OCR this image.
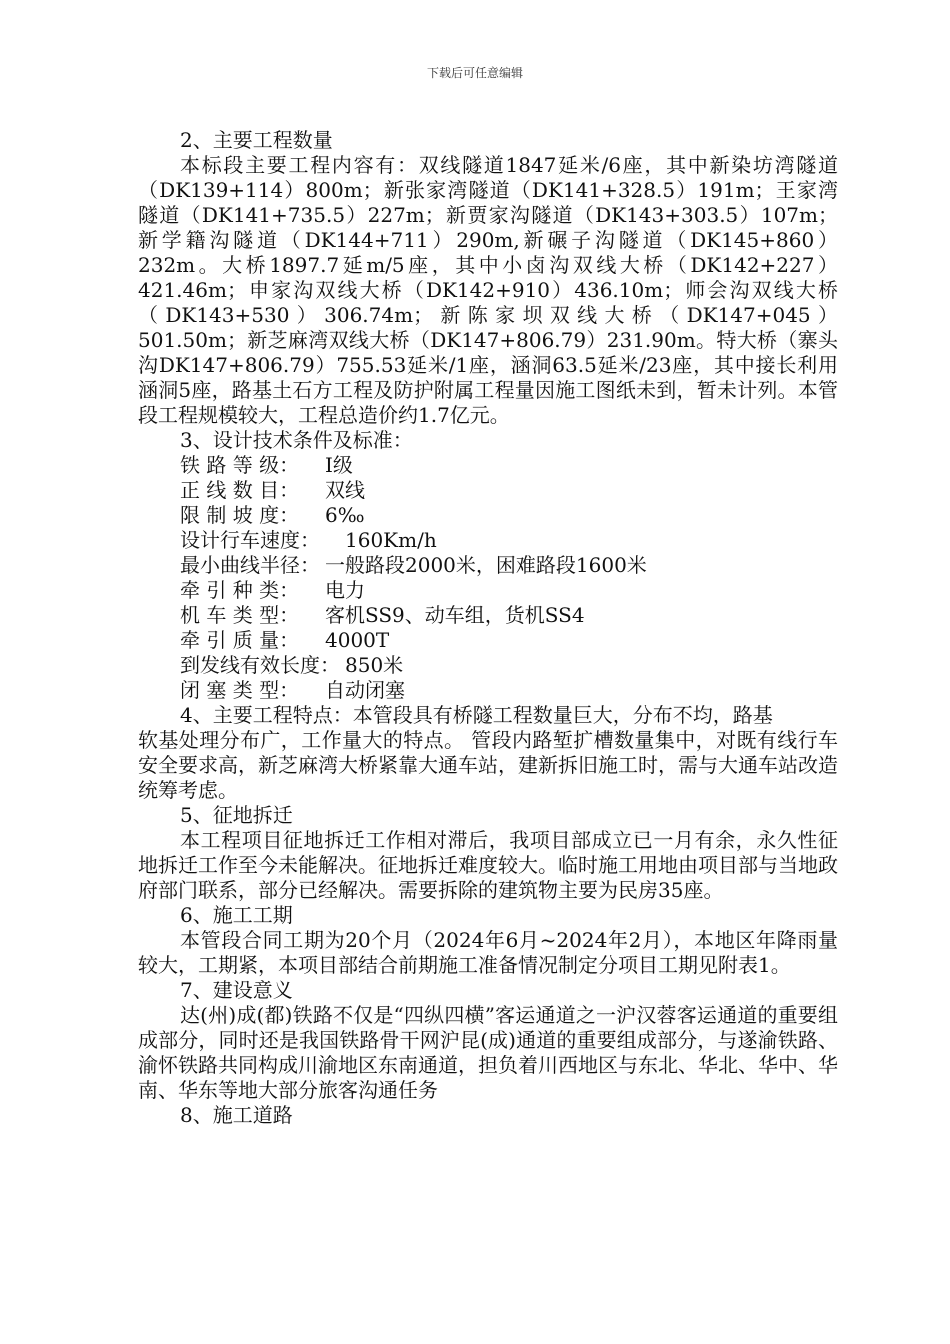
下载后可任意编辑

2、主要工程数量

本标段主要工程内容有：双线隧道1847延米/6座，其中新染坊湾隧道（DK139+114）800m；新张家湾隧道（DK141+328.5）191m；王家湾隧道（DK141+735.5）227m；新贾家沟隧道（DK143+303.5）107m；新学籍沟隧道（DK144+711）290m,新碾子沟隧道（DK145+860）232m。大桥1897.7延m/5座，其中小卤沟双线大桥（DK142+227）421.46m；申家沟双线大桥（DK142+910）436.10m；师会沟双线大桥（DK143+530）306.74m；新陈家坝双线大桥（DK147+045）501.50m；新芝麻湾双线大桥（DK147+806.79）231.90m。特大桥（寨头沟DK147+806.79）755.53延米/1座，涵洞63.5延米/23座，其中接长利用涵洞5座，路基土石方工程及防护附属工程量因施工图纸未到，暂未计列。本管段工程规模较大，工程总造价约1.7亿元。

3、设计技术条件及标准：

铁 路 等 级： Ⅰ级

正 线 数 目： 双线

限 制 坡 度： 6‰

设计行车速度： 160Km/h

最小曲线半径： 一般路段2000米，困难路段1600米

牵 引 种 类： 电力

机 车 类 型： 客机SS9、动车组，货机SS4

牵 引 质 量： 4000T

到发线有效长度： 850米

闭 塞 类 型： 自动闭塞

4、主要工程特点：本管段具有桥隧工程数量巨大，分布不均，路基

软基处理分布广，工作量大的特点。 管段内路堑扩槽数量集中，对既有线行车安全要求高，新芝麻湾大桥紧靠大通车站，建新拆旧施工时，需与大通车站改造统筹考虑。

5、征地拆迁

本工程项目征地拆迁工作相对滞后，我项目部成立已一月有余，永久性征地拆迁工作至今未能解决。征地拆迁难度较大。临时施工用地由项目部与当地政府部门联系，部分已经解决。需要拆除的建筑物主要为民房35座。

6、施工工期

本管段合同工期为20个月（2024年6月~2024年2月），本地区年降雨量较大，工期紧，本项目部结合前期施工准备情况制定分项目工期见附表1。

7、建设意义

达(州)成(都)铁路不仅是“四纵四横”客运通道之一沪汉蓉客运通道的重要组成部分，同时还是我国铁路骨干网沪昆(成)通道的重要组成部分，与遂渝铁路、渝怀铁路共同构成川渝地区东南通道，担负着川西地区与东北、华北、华中、华南、华东等地大部分旅客沟通任务

8、施工道路
